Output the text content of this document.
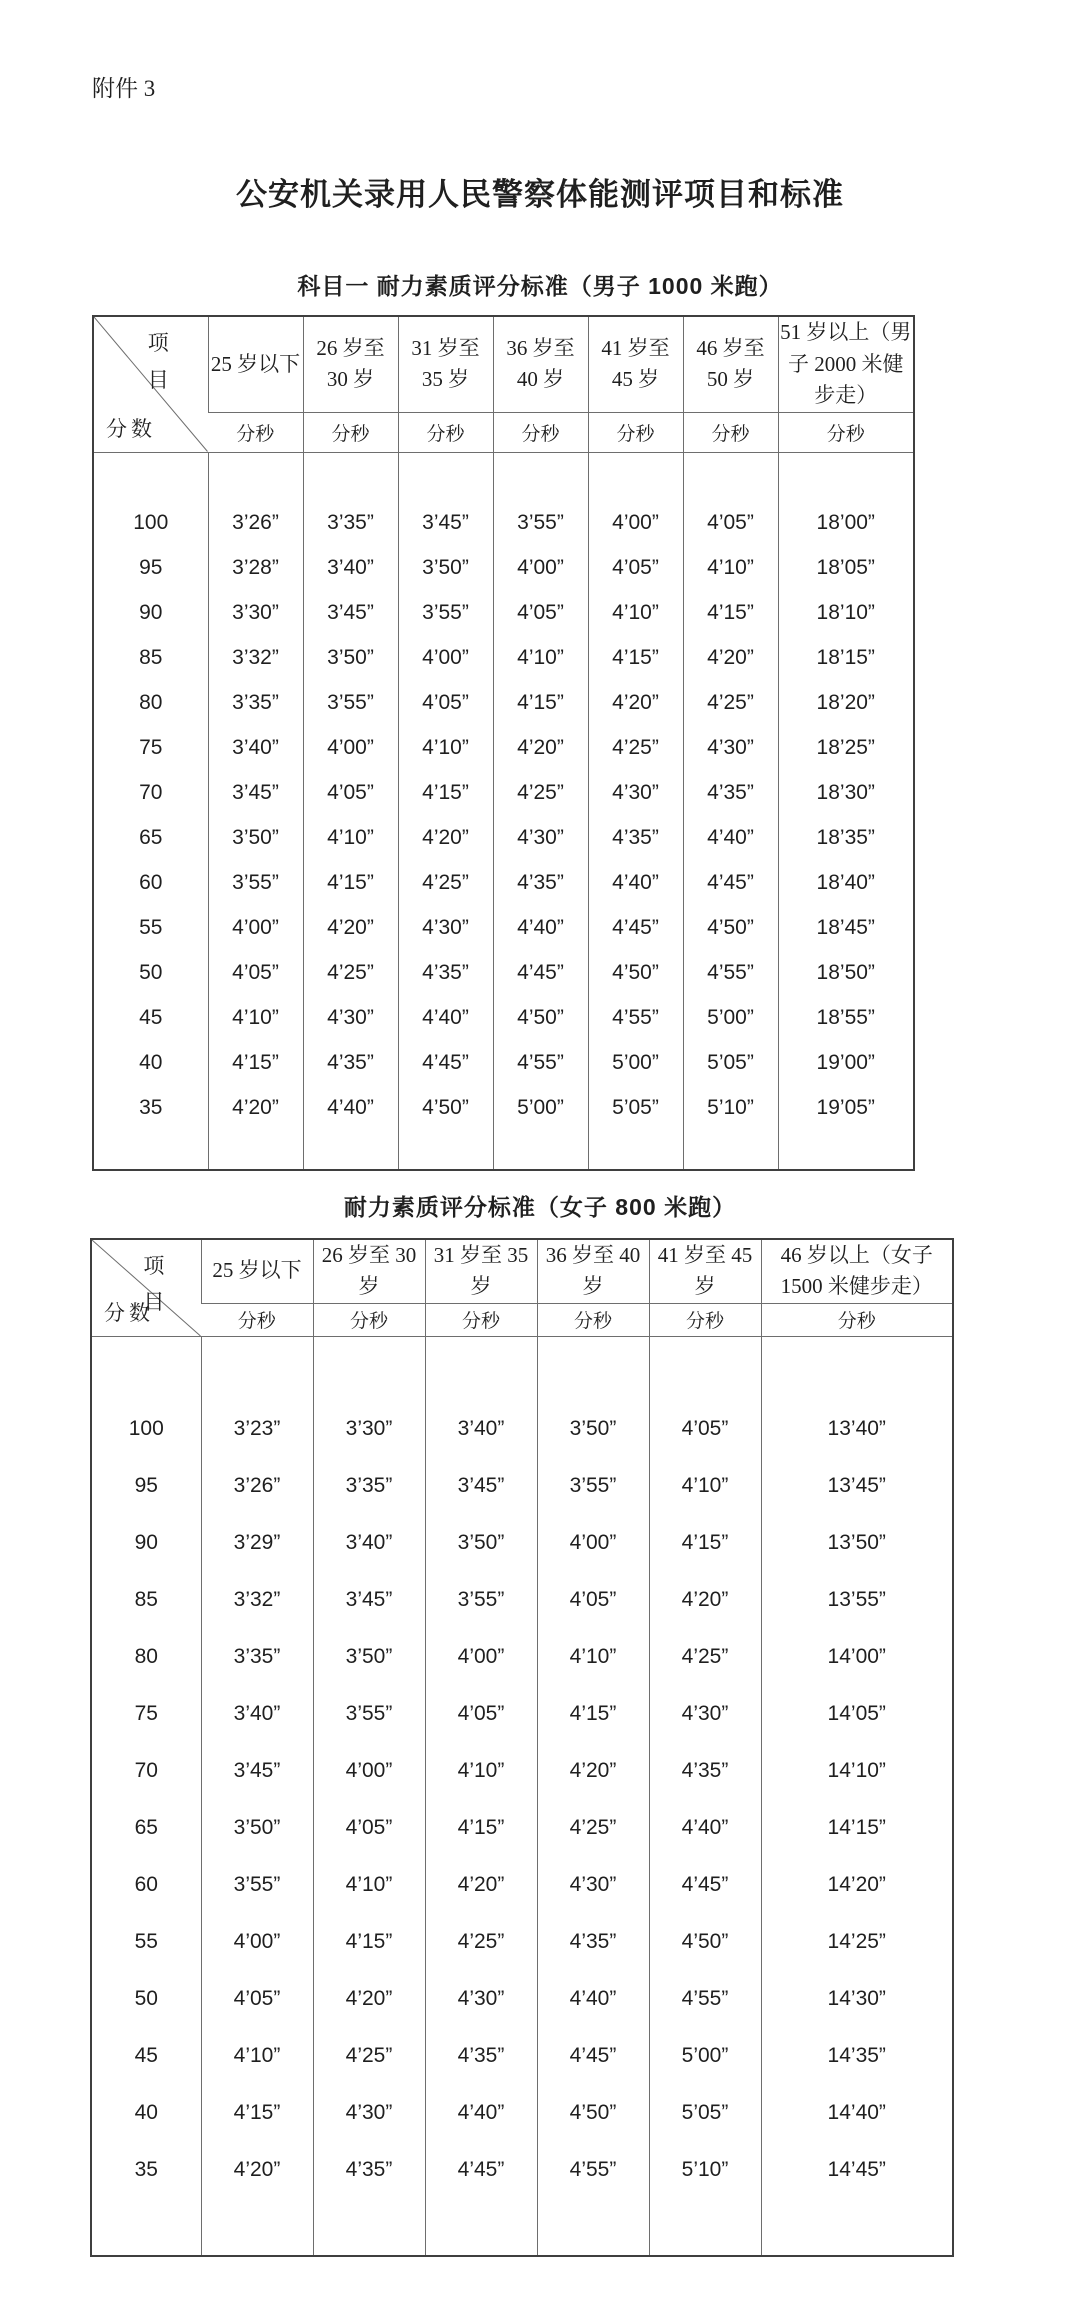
附件 3
公安机关录用人民警察体能测评项目和标准
科目一 耐力素质评分标准（男子 1000 米跑）
项目
分数	25 岁以下	26 岁至 30 岁	31 岁至 35 岁	36 岁至 40 岁	41 岁至 45 岁	46 岁至 50 岁	51 岁以上（男子 2000 米健步走）
	分秒	分秒	分秒	分秒	分秒	分秒	分秒
100	3’26”	3’35”	3’45”	3’55”	4’00”	4’05”	18’00”
95	3’28”	3’40”	3’50”	4’00”	4’05”	4’10”	18’05”
90	3’30”	3’45”	3’55”	4’05”	4’10”	4’15”	18’10”
85	3’32”	3’50”	4’00”	4’10”	4’15”	4’20”	18’15”
80	3’35”	3’55”	4’05”	4’15”	4’20”	4’25”	18’20”
75	3’40”	4’00”	4’10”	4’20”	4’25”	4’30”	18’25”
70	3’45”	4’05”	4’15”	4’25”	4’30”	4’35”	18’30”
65	3’50”	4’10”	4’20”	4’30”	4’35”	4’40”	18’35”
60	3’55”	4’15”	4’25”	4’35”	4’40”	4’45”	18’40”
55	4’00”	4’20”	4’30”	4’40”	4’45”	4’50”	18’45”
50	4’05”	4’25”	4’35”	4’45”	4’50”	4’55”	18’50”
45	4’10”	4’30”	4’40”	4’50”	4’55”	5’00”	18’55”
40	4’15”	4’35”	4’45”	4’55”	5’00”	5’05”	19’00”
35	4’20”	4’40”	4’50”	5’00”	5’05”	5’10”	19’05”
耐力素质评分标准（女子 800 米跑）
项目
分数	25 岁以下	26 岁至 30 岁	31 岁至 35 岁	36 岁至 40 岁	41 岁至 45 岁	46 岁以上（女子 1500 米健步走）
	分秒	分秒	分秒	分秒	分秒	分秒
100	3’23”	3’30”	3’40”	3’50”	4’05”	13’40”
95	3’26”	3’35”	3’45”	3’55”	4’10”	13’45”
90	3’29”	3’40”	3’50”	4’00”	4’15”	13’50”
85	3’32”	3’45”	3’55”	4’05”	4’20”	13’55”
80	3’35”	3’50”	4’00”	4’10”	4’25”	14’00”
75	3’40”	3’55”	4’05”	4’15”	4’30”	14’05”
70	3’45”	4’00”	4’10”	4’20”	4’35”	14’10”
65	3’50”	4’05”	4’15”	4’25”	4’40”	14’15”
60	3’55”	4’10”	4’20”	4’30”	4’45”	14’20”
55	4’00”	4’15”	4’25”	4’35”	4’50”	14’25”
50	4’05”	4’20”	4’30”	4’40”	4’55”	14’30”
45	4’10”	4’25”	4’35”	4’45”	5’00”	14’35”
40	4’15”	4’30”	4’40”	4’50”	5’05”	14’40”
35	4’20”	4’35”	4’45”	4’55”	5’10”	14’45”
